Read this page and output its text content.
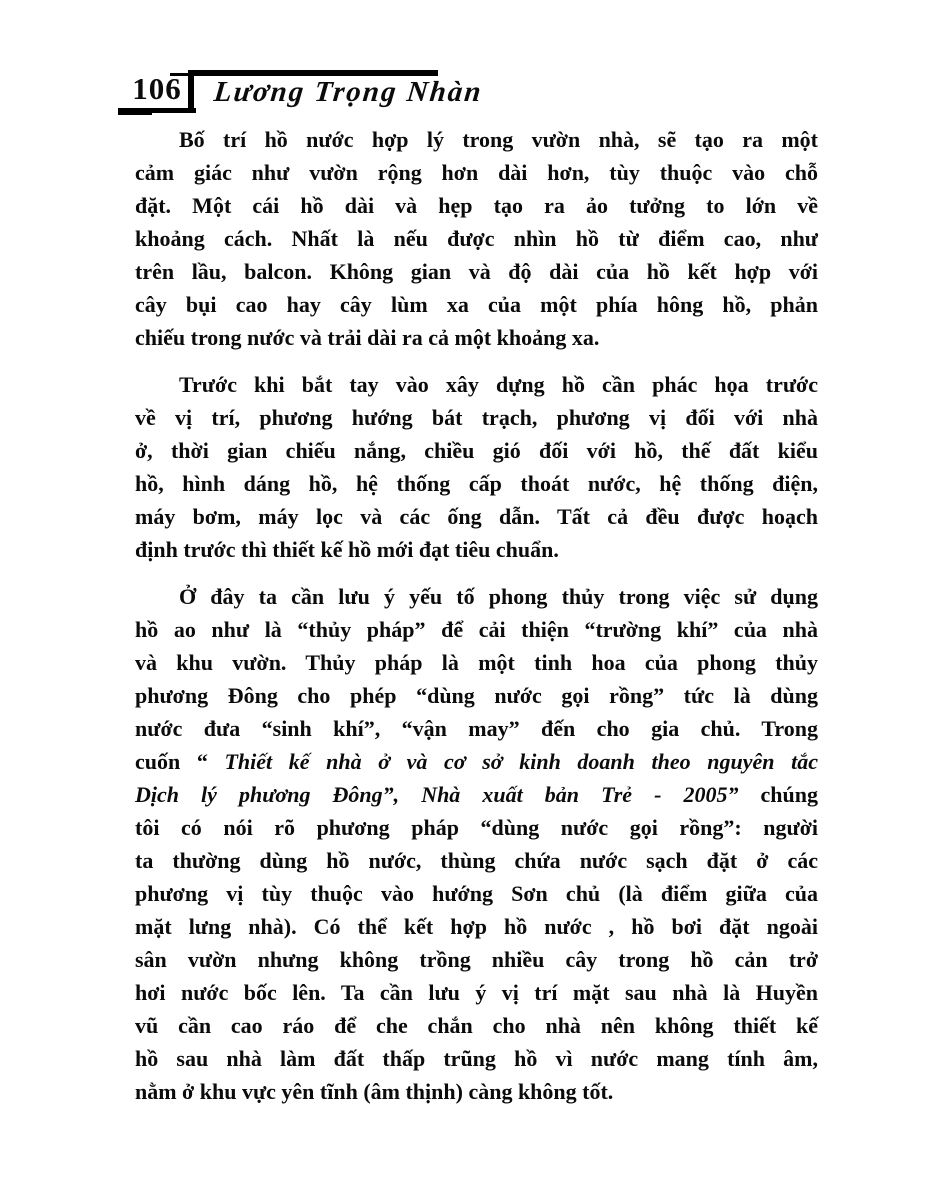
106	Lương Trọng Nhàn

Bố trí hồ nước hợp lý trong vườn nhà, sẽ tạo ra một
cảm giác như vườn rộng hơn dài hơn, tùy thuộc vào chỗ
đặt. Một cái hồ dài và hẹp tạo ra ảo tưởng to lớn về
khoảng cách. Nhất là nếu được nhìn hồ từ điểm cao, như
trên lầu, balcon. Không gian và độ dài của hồ kết hợp với
cây bụi cao hay cây lùm xa của một phía hông hồ, phản
chiếu trong nước và trải dài ra cả một khoảng xa.

Trước khi bắt tay vào xây dựng hồ cần phác họa trước
về vị trí, phương hướng bát trạch, phương vị đối với nhà
ở, thời gian chiếu nắng, chiều gió đối với hồ, thế đất kiểu
hồ, hình dáng hồ, hệ thống cấp thoát nước, hệ thống điện,
máy bơm, máy lọc và các ống dẫn. Tất cả đều được hoạch
định trước thì thiết kế hồ mới đạt tiêu chuẩn.

Ở đây ta cần lưu ý yếu tố phong thủy trong việc sử dụng
hồ ao như là “thủy pháp” để cải thiện “trường khí” của nhà
và khu vườn. Thủy pháp là một tinh hoa của phong thủy
phương Đông cho phép “dùng nước gọi rồng” tức là dùng
nước đưa “sinh khí”, “vận may” đến cho gia chủ. Trong
cuốn “ Thiết kế nhà ở và cơ sở kinh doanh theo nguyên tắc
Dịch lý phương Đông”, Nhà xuất bản Trẻ - 2005” chúng
tôi có nói rõ phương pháp “dùng nước gọi rồng”: người
ta thường dùng hồ nước, thùng chứa nước sạch đặt ở các
phương vị tùy thuộc vào hướng Sơn chủ (là điểm giữa của
mặt lưng nhà). Có thể kết hợp hồ nước , hồ bơi đặt ngoài
sân vườn nhưng không trồng nhiều cây trong hồ cản trở
hơi nước bốc lên. Ta cần lưu ý vị trí mặt sau nhà là Huyền
vũ cần cao ráo để che chắn cho nhà nên không thiết kế
hồ sau nhà làm đất thấp trũng hồ vì nước mang tính âm,
nằm ở khu vực yên tĩnh (âm thịnh) càng không tốt.
